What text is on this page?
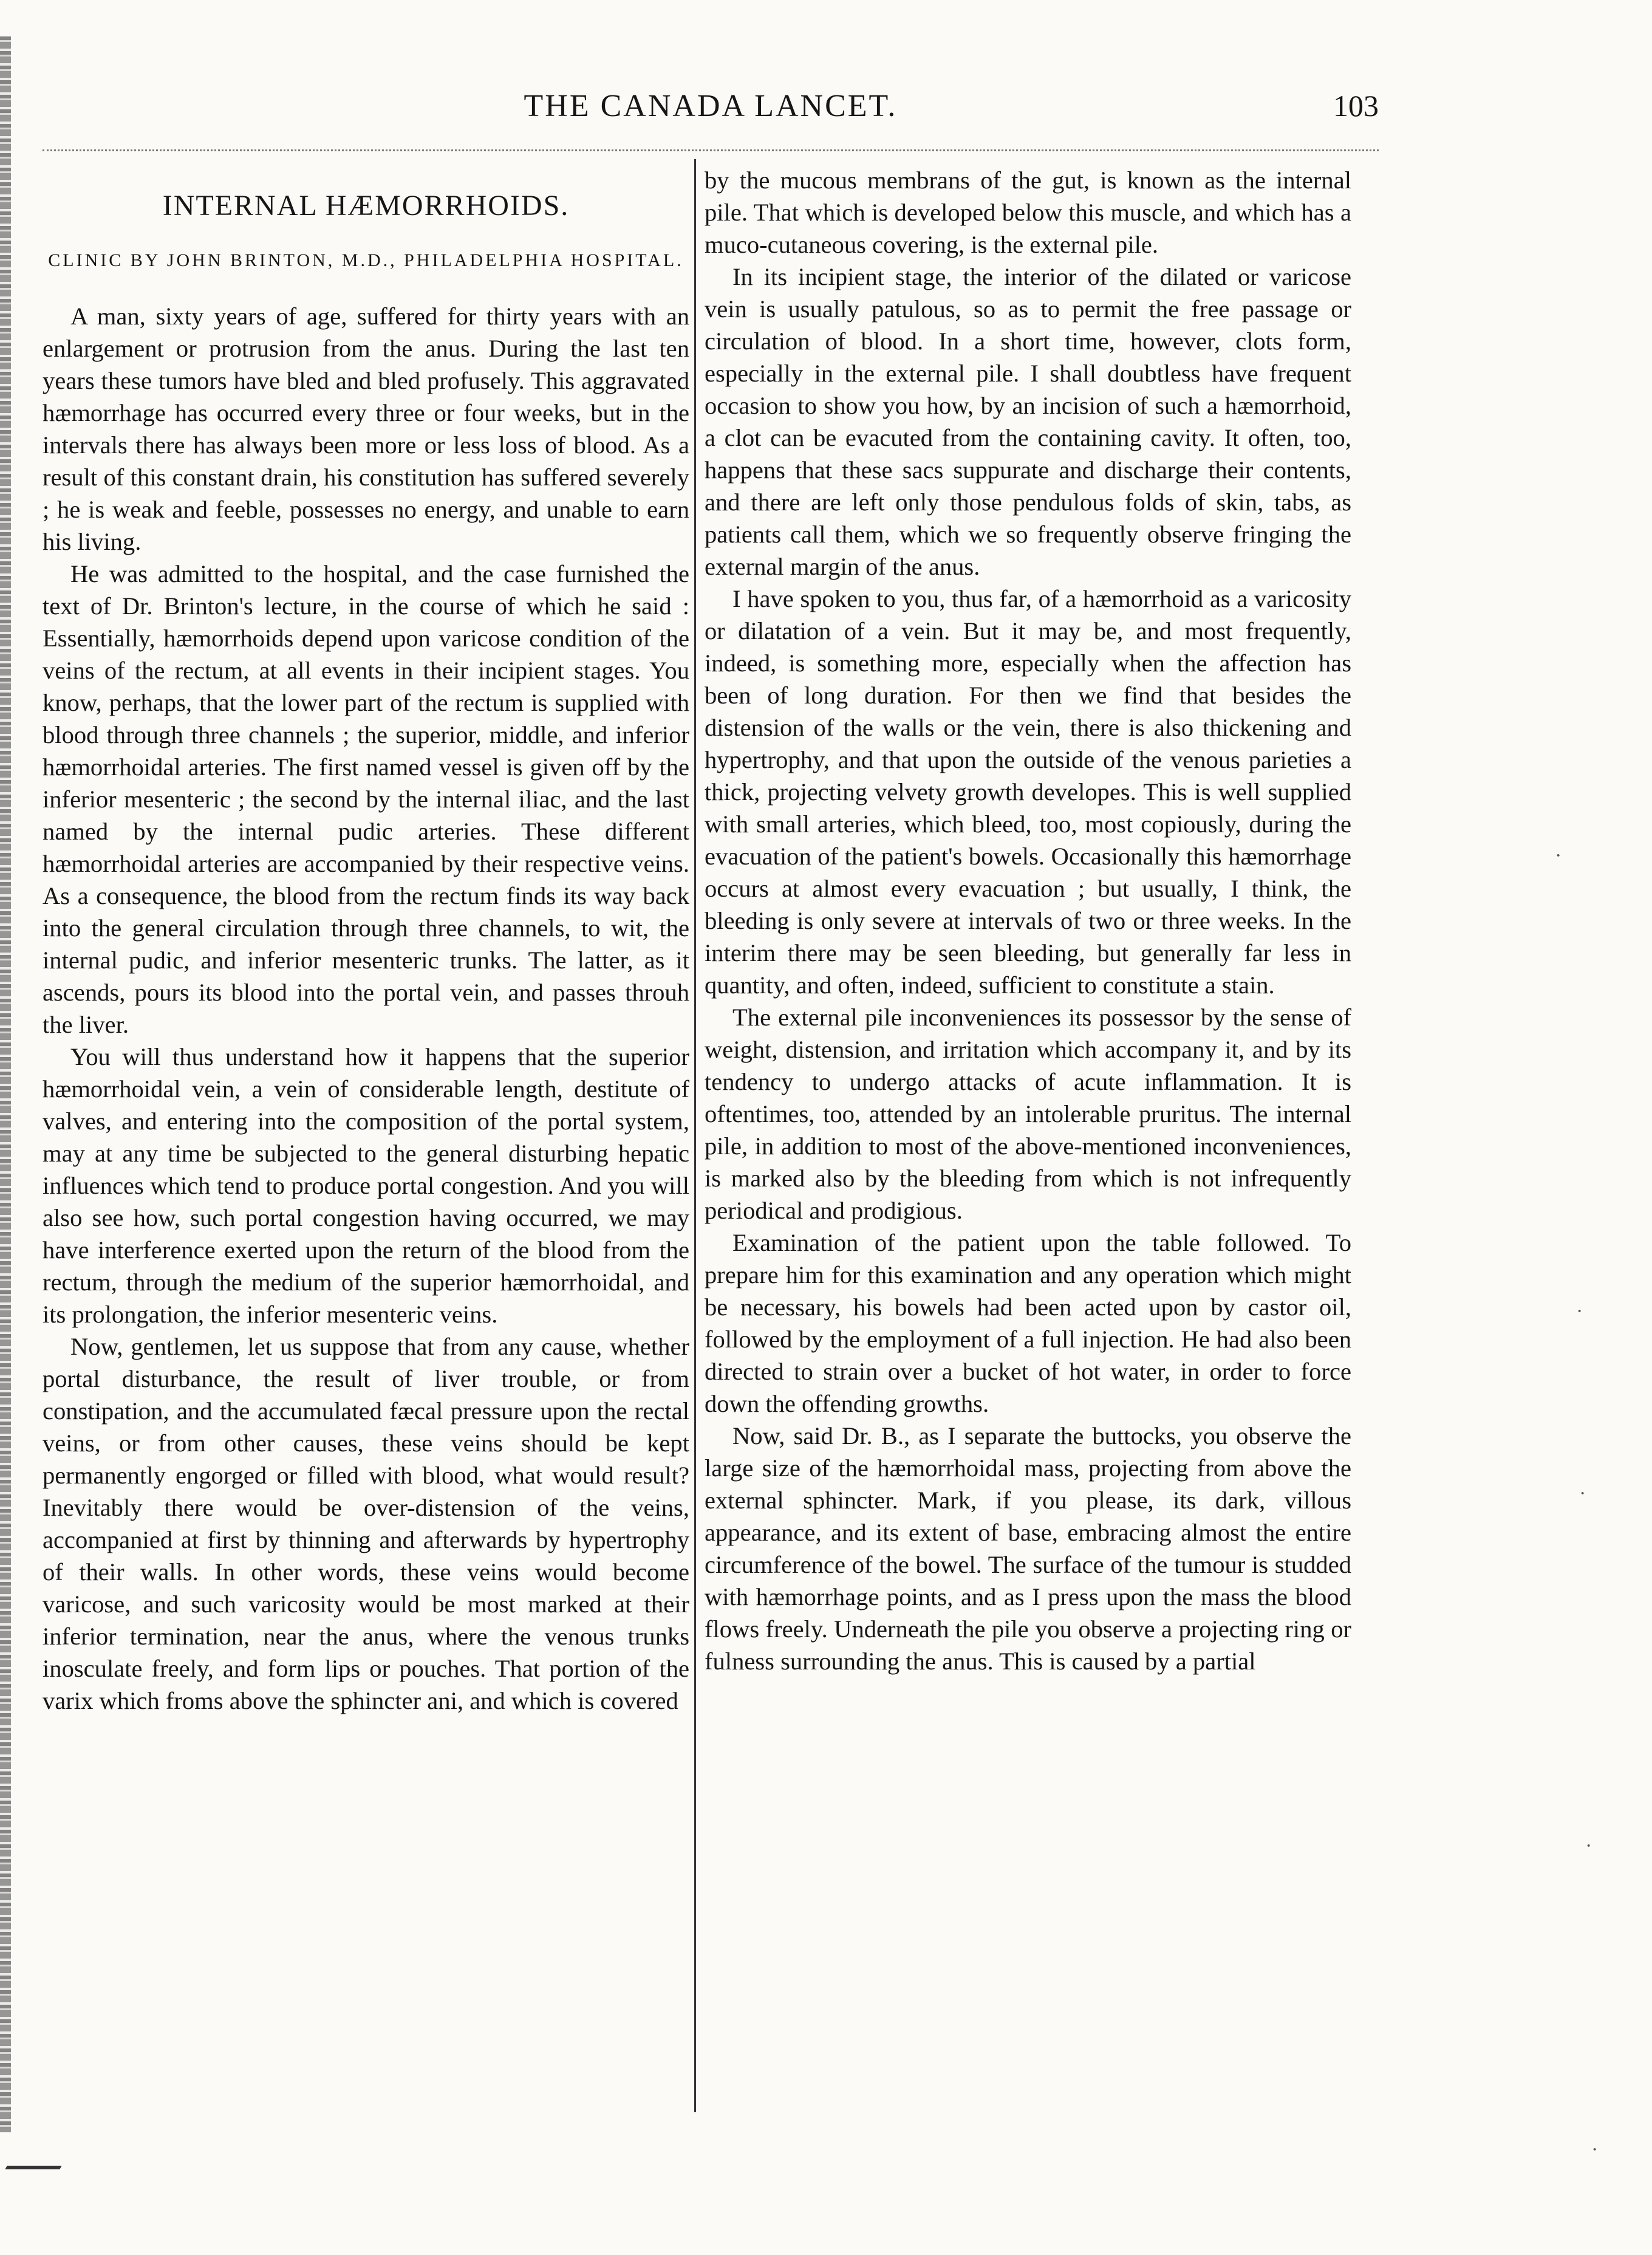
THE CANADA LANCET.	103
INTERNAL HÆMORRHOIDS.
CLINIC BY JOHN BRINTON, M.D., PHILADELPHIA HOSPITAL.

A man, sixty years of age, suffered for thirty years with an enlargement or protrusion from the anus. During the last ten years these tumors have bled and bled profusely. This aggravated hæmorrhage has occurred every three or four weeks, but in the intervals there has always been more or less loss of blood. As a result of this constant drain, his constitution has suffered severely ; he is weak and feeble, possesses no energy, and unable to earn his living.

He was admitted to the hospital, and the case furnished the text of Dr. Brinton's lecture, in the course of which he said : Essentially, hæmorrhoids depend upon varicose condition of the veins of the rectum, at all events in their incipient stages. You know, perhaps, that the lower part of the rectum is supplied with blood through three channels ; the superior, middle, and inferior hæmorrhoidal arteries. The first named vessel is given off by the inferior mesenteric ; the second by the internal iliac, and the last named by the internal pudic arteries. These different hæmorrhoidal arteries are accompanied by their respective veins. As a consequence, the blood from the rectum finds its way back into the general circulation through three channels, to wit, the internal pudic, and inferior mesenteric trunks. The latter, as it ascends, pours its blood into the portal vein, and passes throuh the liver.

You will thus understand how it happens that the superior hæmorrhoidal vein, a vein of considerable length, destitute of valves, and entering into the composition of the portal system, may at any time be subjected to the general disturbing hepatic influences which tend to produce portal congestion. And you will also see how, such portal congestion having occurred, we may have interference exerted upon the return of the blood from the rectum, through the medium of the superior hæmorrhoidal, and its prolongation, the inferior mesenteric veins.

Now, gentlemen, let us suppose that from any cause, whether portal disturbance, the result of liver trouble, or from constipation, and the accumulated fæcal pressure upon the rectal veins, or from other causes, these veins should be kept permanently engorged or filled with blood, what would result? Inevitably there would be over-distension of the veins, accompanied at first by thinning and afterwards by hypertrophy of their walls. In other words, these veins would become varicose, and such varicosity would be most marked at their inferior termination, near the anus, where the venous trunks inosculate freely, and form lips or pouches. That portion of the varix which froms above the sphincter ani, and which is covered

by the mucous membrans of the gut, is known as the internal pile. That which is developed below this muscle, and which has a muco-cutaneous covering, is the external pile.

In its incipient stage, the interior of the dilated or varicose vein is usually patulous, so as to permit the free passage or circulation of blood. In a short time, however, clots form, especially in the external pile. I shall doubtless have frequent occasion to show you how, by an incision of such a hæmorrhoid, a clot can be evacuted from the containing cavity. It often, too, happens that these sacs suppurate and discharge their contents, and there are left only those pendulous folds of skin, tabs, as patients call them, which we so frequently observe fringing the external margin of the anus.

I have spoken to you, thus far, of a hæmorrhoid as a varicosity or dilatation of a vein. But it may be, and most frequently, indeed, is something more, especially when the affection has been of long duration. For then we find that besides the distension of the walls or the vein, there is also thickening and hypertrophy, and that upon the outside of the venous parieties a thick, projecting velvety growth developes. This is well supplied with small arteries, which bleed, too, most copiously, during the evacuation of the patient's bowels. Occasionally this hæmorrhage occurs at almost every evacuation ; but usually, I think, the bleeding is only severe at intervals of two or three weeks. In the interim there may be seen bleeding, but generally far less in quantity, and often, indeed, sufficient to constitute a stain.

The external pile inconveniences its possessor by the sense of weight, distension, and irritation which accompany it, and by its tendency to undergo attacks of acute inflammation. It is oftentimes, too, attended by an intolerable pruritus. The internal pile, in addition to most of the above-mentioned inconveniences, is marked also by the bleeding from which is not infrequently periodical and prodigious.

Examination of the patient upon the table followed. To prepare him for this examination and any operation which might be necessary, his bowels had been acted upon by castor oil, followed by the employment of a full injection. He had also been directed to strain over a bucket of hot water, in order to force down the offending growths.

Now, said Dr. B., as I separate the buttocks, you observe the large size of the hæmorrhoidal mass, projecting from above the external sphincter. Mark, if you please, its dark, villous appearance, and its extent of base, embracing almost the entire circumference of the bowel. The surface of the tumour is studded with hæmorrhage points, and as I press upon the mass the blood flows freely. Underneath the pile you observe a projecting ring or fulness surrounding the anus. This is caused by a partial

·
·
·
·
·
